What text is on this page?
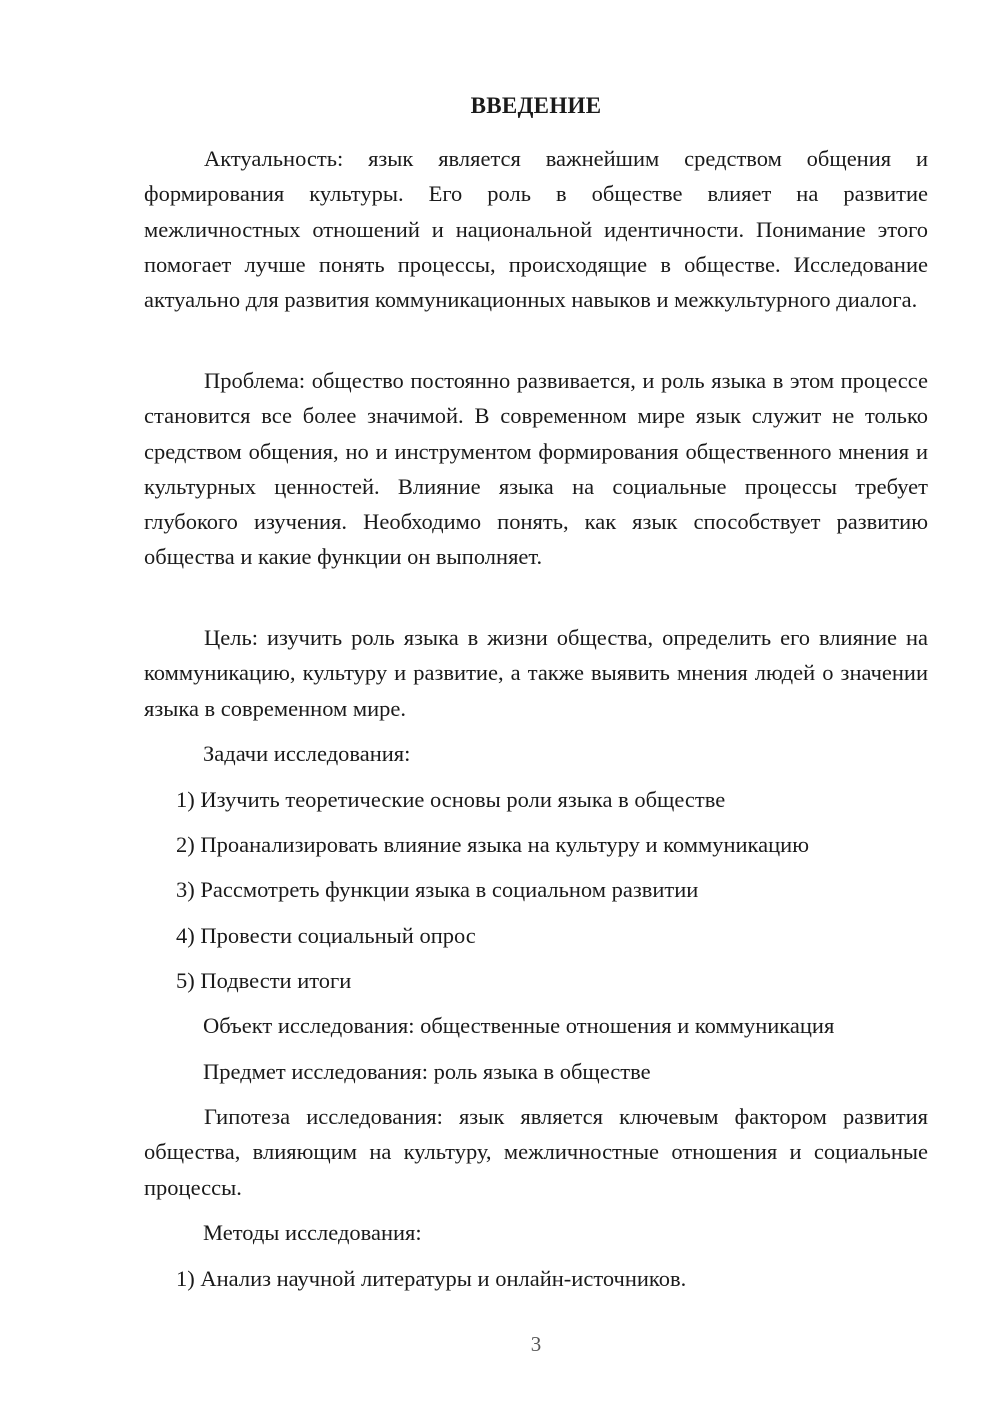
ВВЕДЕНИЕ
Актуальность: язык является важнейшим средством общения и формирования культуры. Его роль в обществе влияет на развитие межличностных отношений и национальной идентичности. Понимание этого помогает лучше понять процессы, происходящие в обществе. Исследование актуально для развития коммуникационных навыков и межкультурного диалога.
Проблема: общество постоянно развивается, и роль языка в этом процессе становится все более значимой. В современном мире язык служит не только средством общения, но и инструментом формирования общественного мнения и культурных ценностей. Влияние языка на социальные процессы требует глубокого изучения. Необходимо понять, как язык способствует развитию общества и какие функции он выполняет.
Цель: изучить роль языка в жизни общества, определить его влияние на коммуникацию, культуру и развитие, а также выявить мнения людей о значении языка в современном мире.
Задачи исследования:
1) Изучить теоретические основы роли языка в обществе
2) Проанализировать влияние языка на культуру и коммуникацию
3) Рассмотреть функции языка в социальном развитии
4) Провести социальный опрос
5) Подвести итоги
Объект исследования: общественные отношения и коммуникация
Предмет исследования: роль языка в обществе
Гипотеза исследования: язык является ключевым фактором развития общества, влияющим на культуру, межличностные отношения и социальные процессы.
Методы исследования:
1) Анализ научной литературы и онлайн-источников.
3
